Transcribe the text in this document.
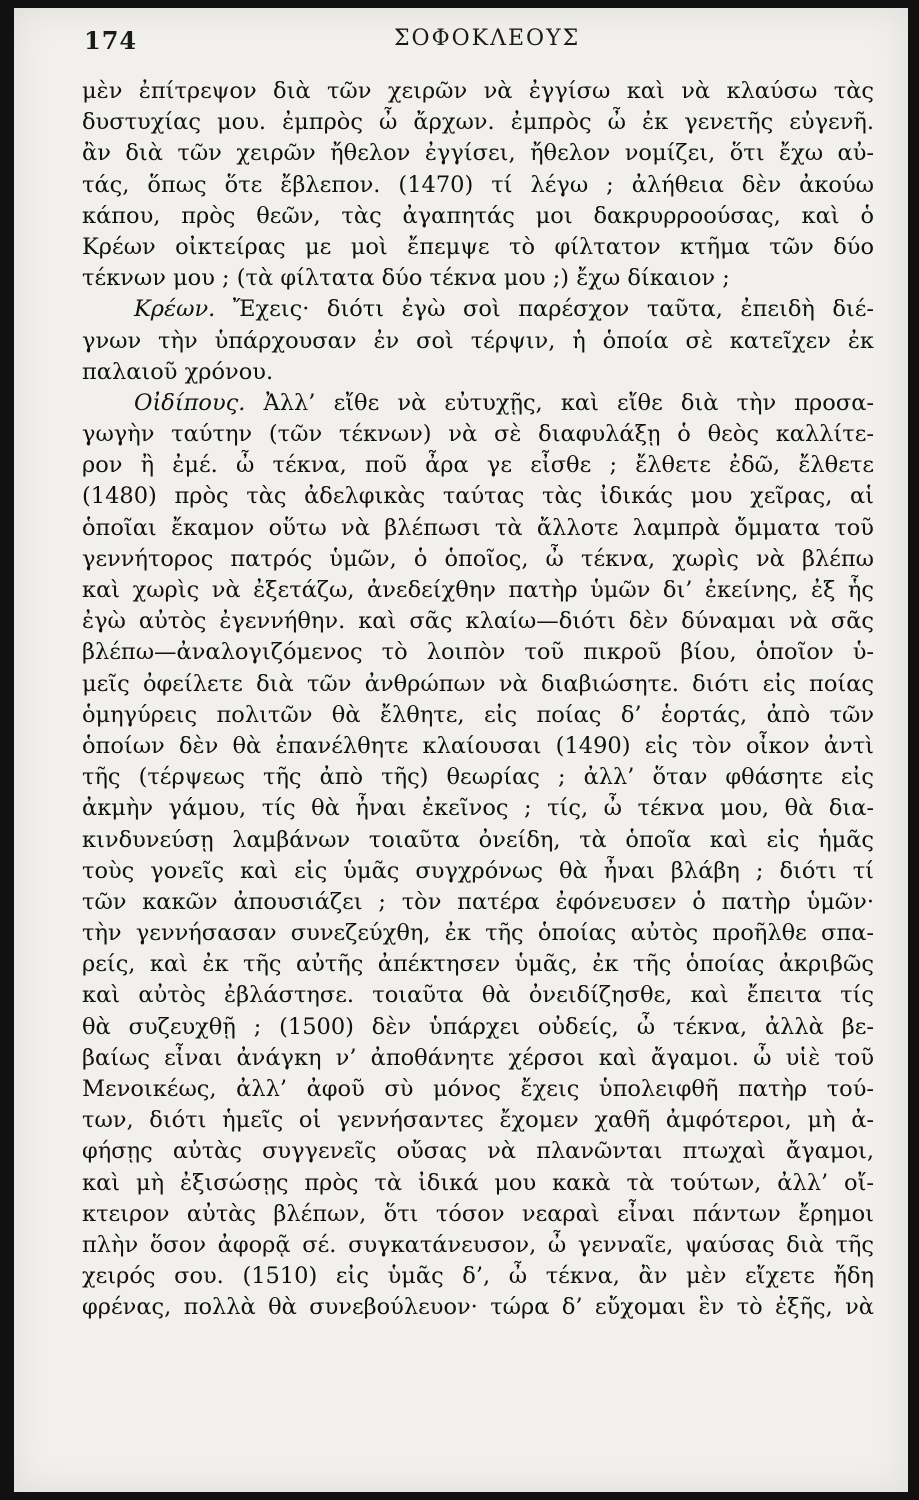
174	ΣΟΦΟΚΛΕΟΥΣ
μὲν ἐπίτρεψον διὰ τῶν χειρῶν νὰ ἐγγίσω καὶ νὰ κλαύσω τὰς
δυστυχίας μου. ἐμπρὸς ὦ ἄρχων. ἐμπρὸς ὦ ἐκ γενετῆς εὐγενῆ.
ἂν διὰ τῶν χειρῶν ἤθελον ἐγγίσει, ἤθελον νομίζει, ὅτι ἔχω αὐ-
τάς, ὅπως ὅτε ἔβλεπον. (1470) τί λέγω ; ἀλήθεια δὲν ἀκούω
κάπου, πρὸς θεῶν, τὰς ἀγαπητάς μοι δακρυρροούσας, καὶ ὁ
Κρέων οἰκτείρας με μοὶ ἔπεμψε τὸ φίλτατον κτῆμα τῶν δύο
τέκνων μου ; (τὰ φίλτατα δύο τέκνα μου ;) ἔχω δίκαιον ;
Κρέων. Ἔχεις· διότι ἐγὼ σοὶ παρέσχον ταῦτα, ἐπειδὴ διέ-
γνων τὴν ὑπάρχουσαν ἐν σοὶ τέρψιν, ἡ ὁποία σὲ κατεῖχεν ἐκ
παλαιοῦ χρόνου.
Οἰδίπους. Ἀλλ’ εἴθε νὰ εὐτυχῇς, καὶ εἴθε διὰ τὴν προσα-
γωγὴν ταύτην (τῶν τέκνων) νὰ σὲ διαφυλάξῃ ὁ θεὸς καλλίτε-
ρον ἢ ἐμέ. ὦ τέκνα, ποῦ ἆρα γε εἶσθε ; ἔλθετε ἐδῶ, ἔλθετε
(1480) πρὸς τὰς ἀδελφικὰς ταύτας τὰς ἰδικάς μου χεῖρας, αἱ
ὁποῖαι ἔκαμον οὕτω νὰ βλέπωσι τὰ ἄλλοτε λαμπρὰ ὄμματα τοῦ
γεννήτορος πατρός ὑμῶν, ὁ ὁποῖος, ὦ τέκνα, χωρὶς νὰ βλέπω
καὶ χωρὶς νὰ ἐξετάζω, ἀνεδείχθην πατὴρ ὑμῶν δι’ ἐκείνης, ἐξ ἧς
ἐγὼ αὐτὸς ἐγεννήθην. καὶ σᾶς κλαίω—διότι δὲν δύναμαι νὰ σᾶς
βλέπω—ἀναλογιζόμενος τὸ λοιπὸν τοῦ πικροῦ βίου, ὁποῖον ὑ-
μεῖς ὀφείλετε διὰ τῶν ἀνθρώπων νὰ διαβιώσητε. διότι εἰς ποίας
ὁμηγύρεις πολιτῶν θὰ ἔλθητε, εἰς ποίας δ’ ἑορτάς, ἀπὸ τῶν
ὁποίων δὲν θὰ ἐπανέλθητε κλαίουσαι (1490) εἰς τὸν οἶκον ἀντὶ
τῆς (τέρψεως τῆς ἀπὸ τῆς) θεωρίας ; ἀλλ’ ὅταν φθάσητε εἰς
ἀκμὴν γάμου, τίς θὰ ἦναι ἐκεῖνος ; τίς, ὦ τέκνα μου, θὰ δια-
κινδυνεύσῃ λαμβάνων τοιαῦτα ὀνείδη, τὰ ὁποῖα καὶ εἰς ἡμᾶς
τοὺς γονεῖς καὶ εἰς ὑμᾶς συγχρόνως θὰ ἦναι βλάβη ; διότι τί
τῶν κακῶν ἀπουσιάζει ; τὸν πατέρα ἐφόνευσεν ὁ πατὴρ ὑμῶν·
τὴν γεννήσασαν συνεζεύχθη, ἐκ τῆς ὁποίας αὐτὸς προῆλθε σπα-
ρείς, καὶ ἐκ τῆς αὐτῆς ἀπέκτησεν ὑμᾶς, ἐκ τῆς ὁποίας ἀκριβῶς
καὶ αὐτὸς ἐβλάστησε. τοιαῦτα θὰ ὀνειδίζησθε, καὶ ἔπειτα τίς
θὰ συζευχθῇ ; (1500) δὲν ὑπάρχει οὐδείς, ὦ τέκνα, ἀλλὰ βε-
βαίως εἶναι ἀνάγκη ν’ ἀποθάνητε χέρσοι καὶ ἄγαμοι. ὦ υἱὲ τοῦ
Μενοικέως, ἀλλ’ ἀφοῦ σὺ μόνος ἔχεις ὑπολειφθῆ πατὴρ τού-
των, διότι ἡμεῖς οἱ γεννήσαντες ἔχομεν χαθῆ ἀμφότεροι, μὴ ἀ-
φήσῃς αὐτὰς συγγενεῖς οὔσας νὰ πλανῶνται πτωχαὶ ἄγαμοι,
καὶ μὴ ἐξισώσῃς πρὸς τὰ ἰδικά μου κακὰ τὰ τούτων, ἀλλ’ οἴ-
κτειρον αὐτὰς βλέπων, ὅτι τόσον νεαραὶ εἶναι πάντων ἔρημοι
πλὴν ὅσον ἀφορᾷ σέ. συγκατάνευσον, ὦ γενναῖε, ψαύσας διὰ τῆς
χειρός σου. (1510) εἰς ὑμᾶς δ’, ὦ τέκνα, ἂν μὲν εἴχετε ἤδη
φρένας, πολλὰ θὰ συνεβούλευον· τώρα δ’ εὔχομαι ἓν τὸ ἐξῆς, νὰ
